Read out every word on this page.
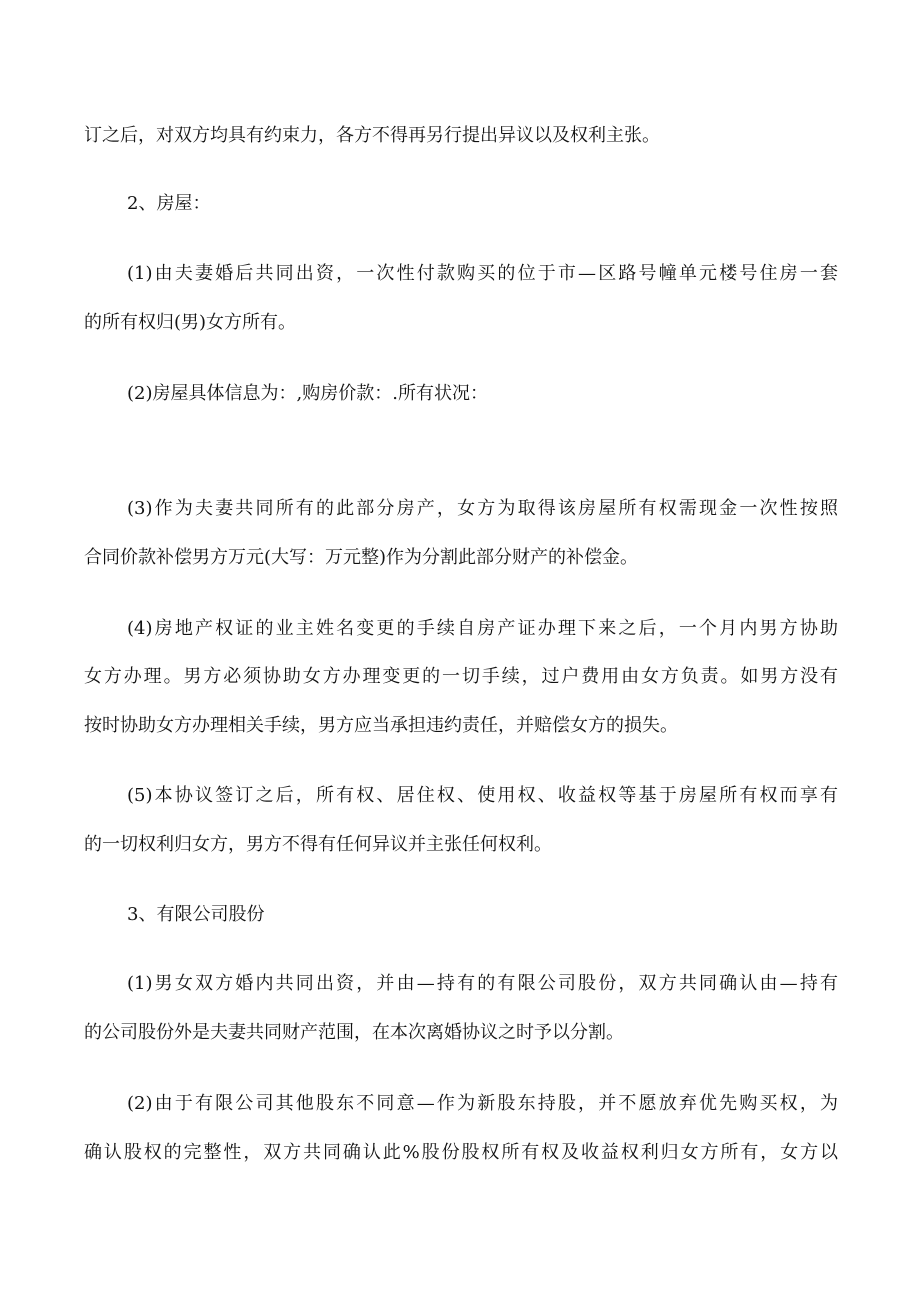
订之后，对双方均具有约束力，各方不得再另行提出异议以及权利主张。
2、房屋：
(1)由夫妻婚后共同出资，一次性付款购买的位于市—区路号幢单元楼号住房一套
的所有权归(男)女方所有。
(2)房屋具体信息为：,购房价款：.所有状况：
(3)作为夫妻共同所有的此部分房产，女方为取得该房屋所有权需现金一次性按照
合同价款补偿男方万元(大写：万元整)作为分割此部分财产的补偿金。
(4)房地产权证的业主姓名变更的手续自房产证办理下来之后，一个月内男方协助
女方办理。男方必须协助女方办理变更的一切手续，过户费用由女方负责。如男方没有
按时协助女方办理相关手续，男方应当承担违约责任，并赔偿女方的损失。
(5)本协议签订之后，所有权、居住权、使用权、收益权等基于房屋所有权而享有
的一切权利归女方，男方不得有任何异议并主张任何权利。
3、有限公司股份
(1)男女双方婚内共同出资，并由—持有的有限公司股份，双方共同确认由—持有
的公司股份外是夫妻共同财产范围，在本次离婚协议之时予以分割。
(2)由于有限公司其他股东不同意—作为新股东持股，并不愿放弃优先购买权，为
确认股权的完整性，双方共同确认此%股份股权所有权及收益权利归女方所有，女方以
